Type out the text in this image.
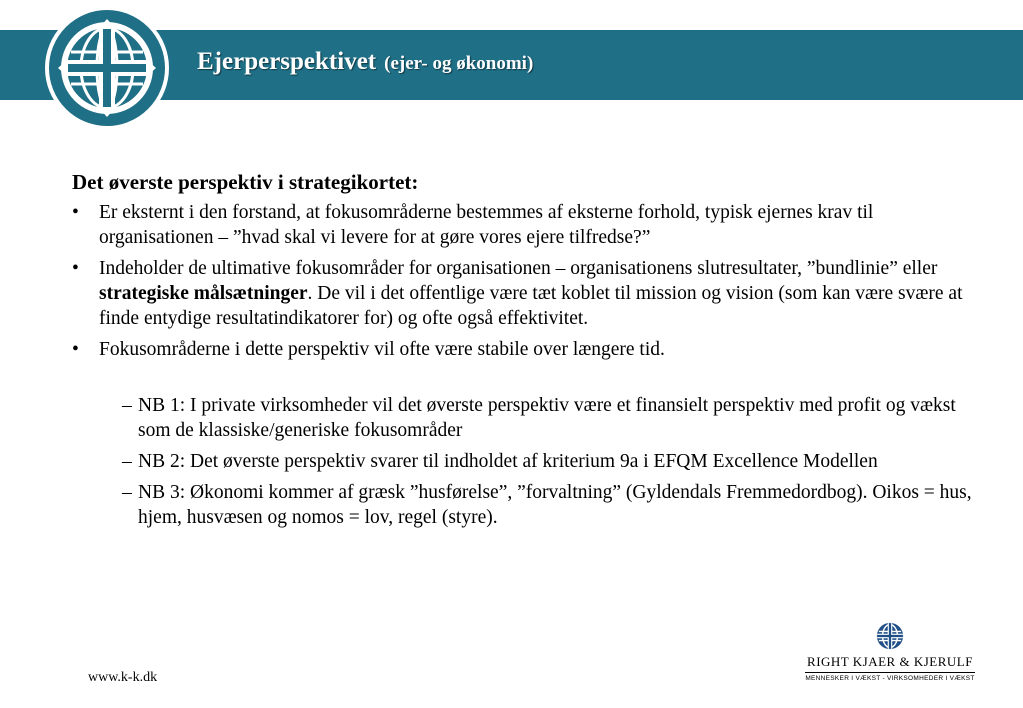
Ejerperspektivet (ejer- og økonomi)
Det øverste perspektiv i strategikortet:
• Er eksternt i den forstand, at fokusområderne bestemmes af eksterne forhold, typisk ejernes krav til organisationen – ”hvad skal vi levere for at gøre vores ejere tilfredse?”
• Indeholder de ultimative fokusområder for organisationen – organisationens slutresultater, ”bundlinie” eller strategiske målsætninger. De vil i det offentlige være tæt koblet til mission og vision (som kan være svære at finde entydige resultatindikatorer for) og ofte også effektivitet.
• Fokusområderne i dette perspektiv vil ofte være stabile over længere tid.
– NB 1: I private virksomheder vil det øverste perspektiv være et finansielt perspektiv med profit og vækst som de klassiske/generiske fokusområder
– NB 2: Det øverste perspektiv svarer til indholdet af kriterium 9a i EFQM Excellence Modellen
– NB 3: Økonomi kommer af græsk ”husførelse”, ”forvaltning” (Gyldendals Fremmedordbog). Oikos = hus, hjem, husvæsen og nomos = lov, regel (styre).
www.k-k.dk
RIGHT KJAER & KJERULF
MENNESKER I VÆKST - VIRKSOMHEDER I VÆKST
